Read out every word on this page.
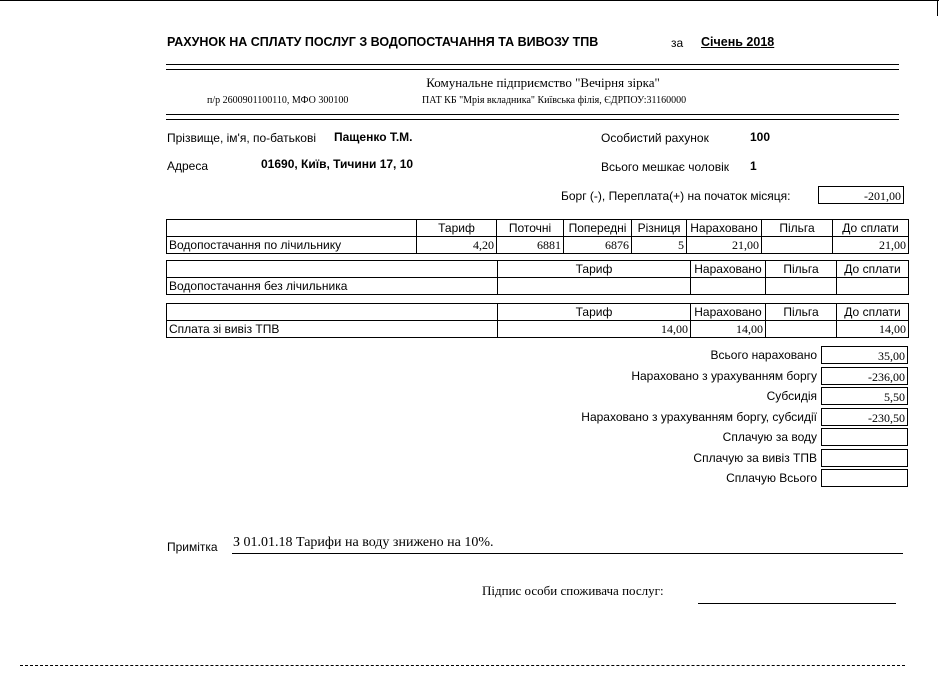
РАХУНОК НА СПЛАТУ ПОСЛУГ З ВОДОПОСТАЧАННЯ ТА ВИВОЗУ ТПВ	за Січень 2018
Комунальне підприємство "Вечірня зірка"
п/р 2600901100110, МФО 300100	ПАТ КБ "Мрія вкладника" Київська філія, ЄДРПОУ:31160000
Прізвище, ім'я, по-батькові Пащенко Т.М.	Особистий рахунок	100
Адреса	01690, Київ, Тичини 17, 10	Всього мешкає чоловік 1
Борг (-), Переплата(+) на початок місяця:	-201,00
	Тариф	Поточні	Попередні	Різниця	Нараховано	Пільга	До сплати
Водопостачання по лічильнику	4,20	6881	6876	5	21,00		21,00
	Тариф	Нараховано	Пільга	До сплати
Водопостачання без лічильника				
	Тариф	Нараховано	Пільга	До сплати
Сплата зі вивіз ТПВ	14,00	14,00		14,00
Всього нараховано	35,00
Нараховано з урахуванням боргу	-236,00
Субсидія	5,50
Нараховано з урахуванням боргу, субсидії	-230,50
Сплачую за воду
Сплачую за вивіз ТПВ
Сплачую Всього
Примітка З 01.01.18 Тарифи на воду знижено на 10%.
Підпис особи споживача послуг:
